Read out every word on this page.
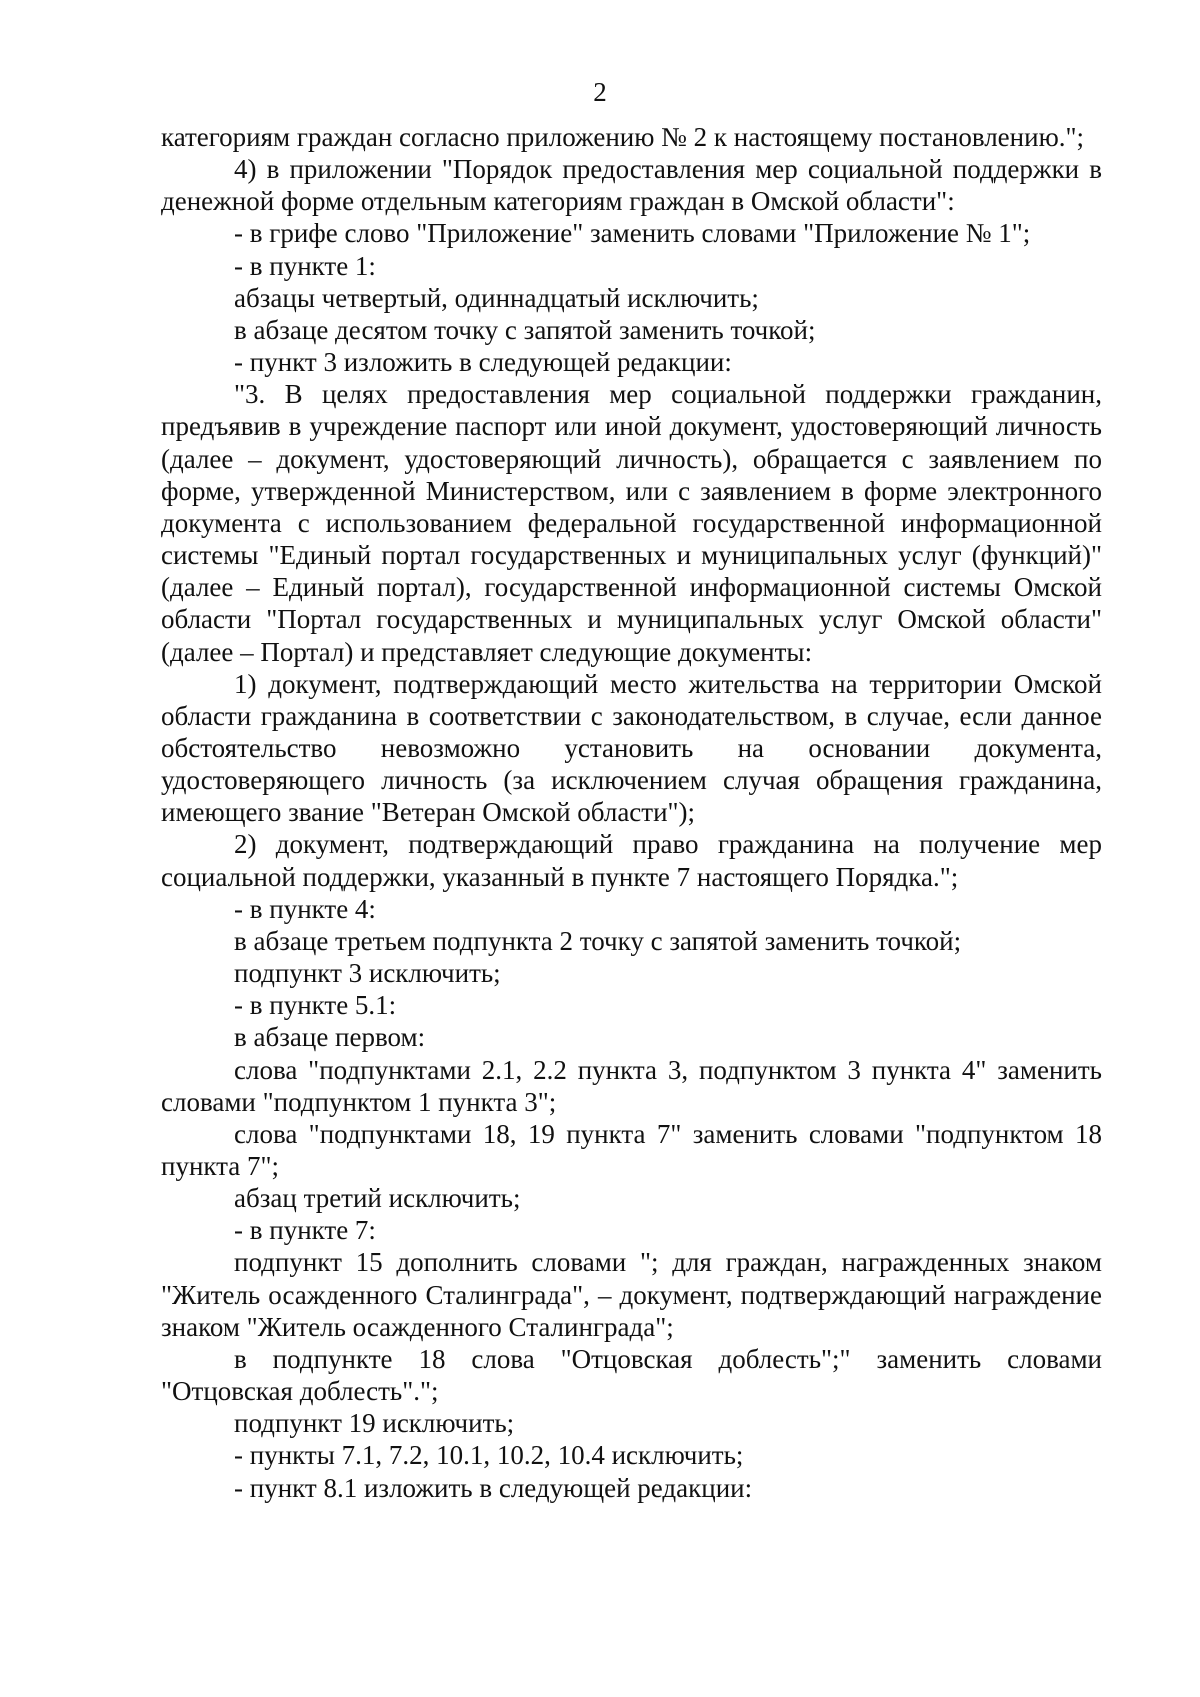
2

категориям граждан согласно приложению № 2 к настоящему постановлению.";

4) в приложении "Порядок предоставления мер социальной поддержки в денежной форме отдельным категориям граждан в Омской области":

- в грифе слово "Приложение" заменить словами "Приложение № 1";

- в пункте 1:

абзацы четвертый, одиннадцатый исключить;

в абзаце десятом точку с запятой заменить точкой;

- пункт 3 изложить в следующей редакции:

"3. В целях предоставления мер социальной поддержки гражданин, предъявив в учреждение паспорт или иной документ, удостоверяющий личность (далее – документ, удостоверяющий личность), обращается с заявлением по форме, утвержденной Министерством, или с заявлением в форме электронного документа с использованием федеральной государственной информационной системы "Единый портал государственных и муниципальных услуг (функций)" (далее – Единый портал), государственной информационной системы Омской области "Портал государственных и муниципальных услуг Омской области" (далее – Портал) и представляет следующие документы:

1) документ, подтверждающий место жительства на территории Омской области гражданина в соответствии с законодательством, в случае, если данное обстоятельство невозможно установить на основании документа, удостоверяющего личность (за исключением случая обращения гражданина, имеющего звание "Ветеран Омской области");

2) документ, подтверждающий право гражданина на получение мер социальной поддержки, указанный в пункте 7 настоящего Порядка.";

- в пункте 4:

в абзаце третьем подпункта 2 точку с запятой заменить точкой;

подпункт 3 исключить;

- в пункте 5.1:

в абзаце первом:

слова "подпунктами 2.1, 2.2 пункта 3, подпунктом 3 пункта 4" заменить словами "подпунктом 1 пункта 3";

слова "подпунктами 18, 19 пункта 7" заменить словами "подпунктом 18 пункта 7";

абзац третий исключить;

- в пункте 7:

подпункт 15 дополнить словами "; для граждан, награжденных знаком "Житель осажденного Сталинграда", – документ, подтверждающий награждение знаком "Житель осажденного Сталинграда";

в подпункте 18 слова "Отцовская доблесть";" заменить словами "Отцовская доблесть".";

подпункт 19 исключить;

- пункты 7.1, 7.2, 10.1, 10.2, 10.4 исключить;

- пункт 8.1 изложить в следующей редакции:
